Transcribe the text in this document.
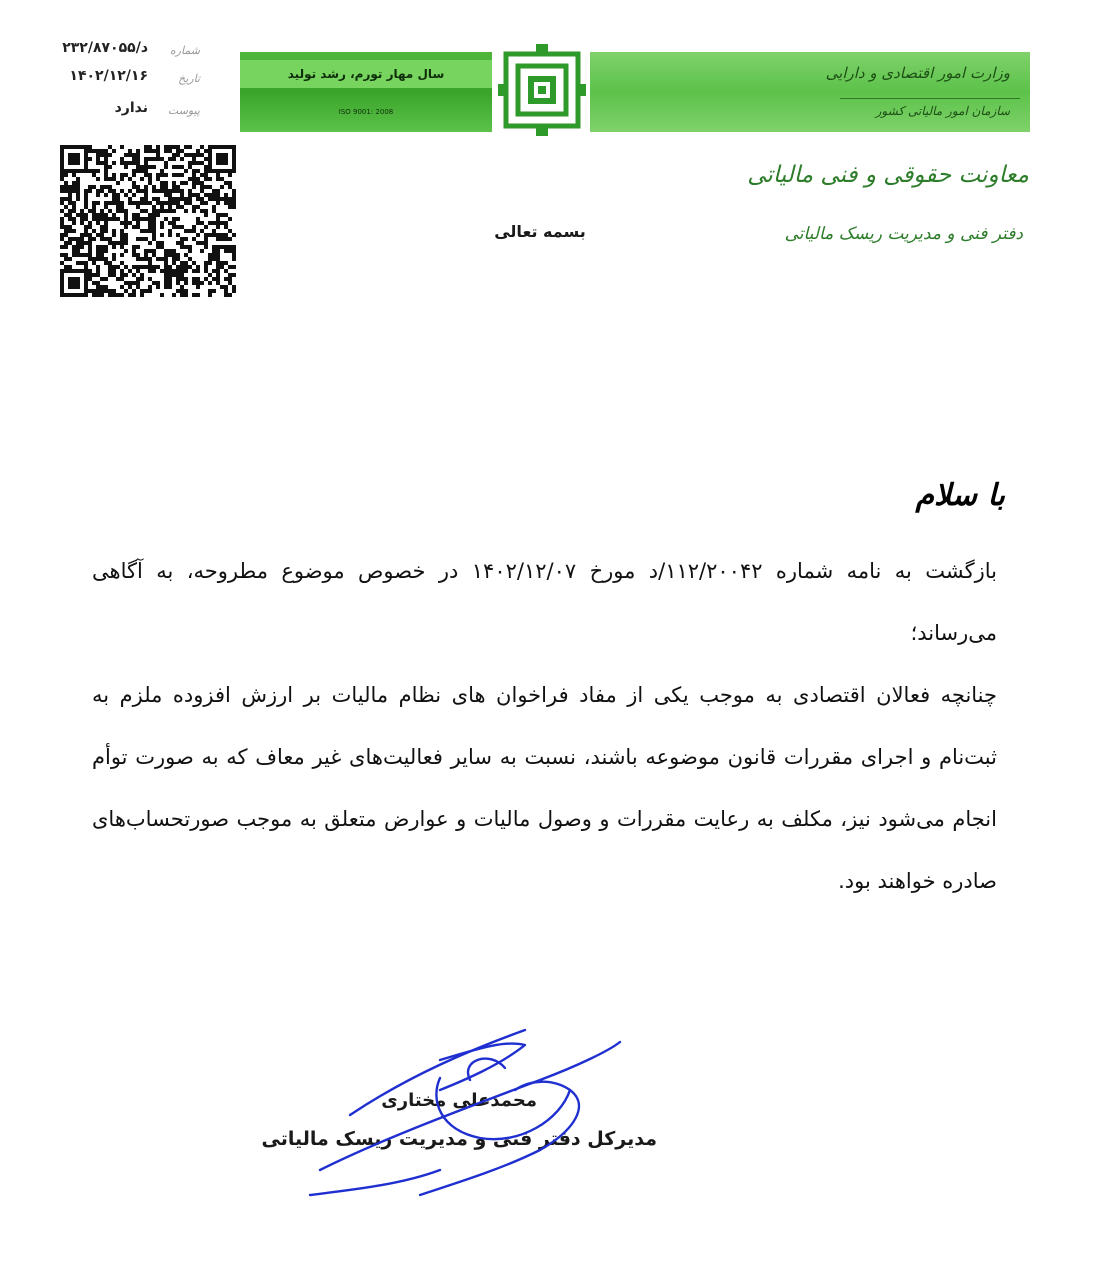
وزارت امور اقتصادی و دارایی
سازمان امور مالیاتی کشور
سال مهار تورم، رشد تولید
ISO 9001: 2008
۲۳۲/۸۷۰۵۵/د شماره
۱۴۰۲/۱۲/۱۶	تاریخ
ندارد پیوست
معاونت حقوقی و فنی مالیاتی
دفتر فنی و مدیریت ریسک مالیاتی
بسمه تعالی
با سلام
بازگشت به نامه شماره ۱۱۲/۲۰۰۴۲/د مورخ ۱۴۰۲/۱۲/۰۷ در خصوص موضوع مطروحه، به آگاهی می‌رساند؛
چنانچه فعالان اقتصادی به موجب یکی از مفاد فراخوان های نظام مالیات بر ارزش افزوده ملزم به ثبت‌نام و اجرای مقررات قانون موضوعه باشند، نسبت به سایر فعالیت‌های غیر معاف که به صورت توأم انجام می‌شود نیز، مکلف به رعایت مقررات و وصول مالیات و عوارض متعلق به موجب صورتحساب‌های صادره خواهند بود.
محمدعلی مختاری
مدیرکل دفتر فنی و مدیریت ریسک مالیاتی
